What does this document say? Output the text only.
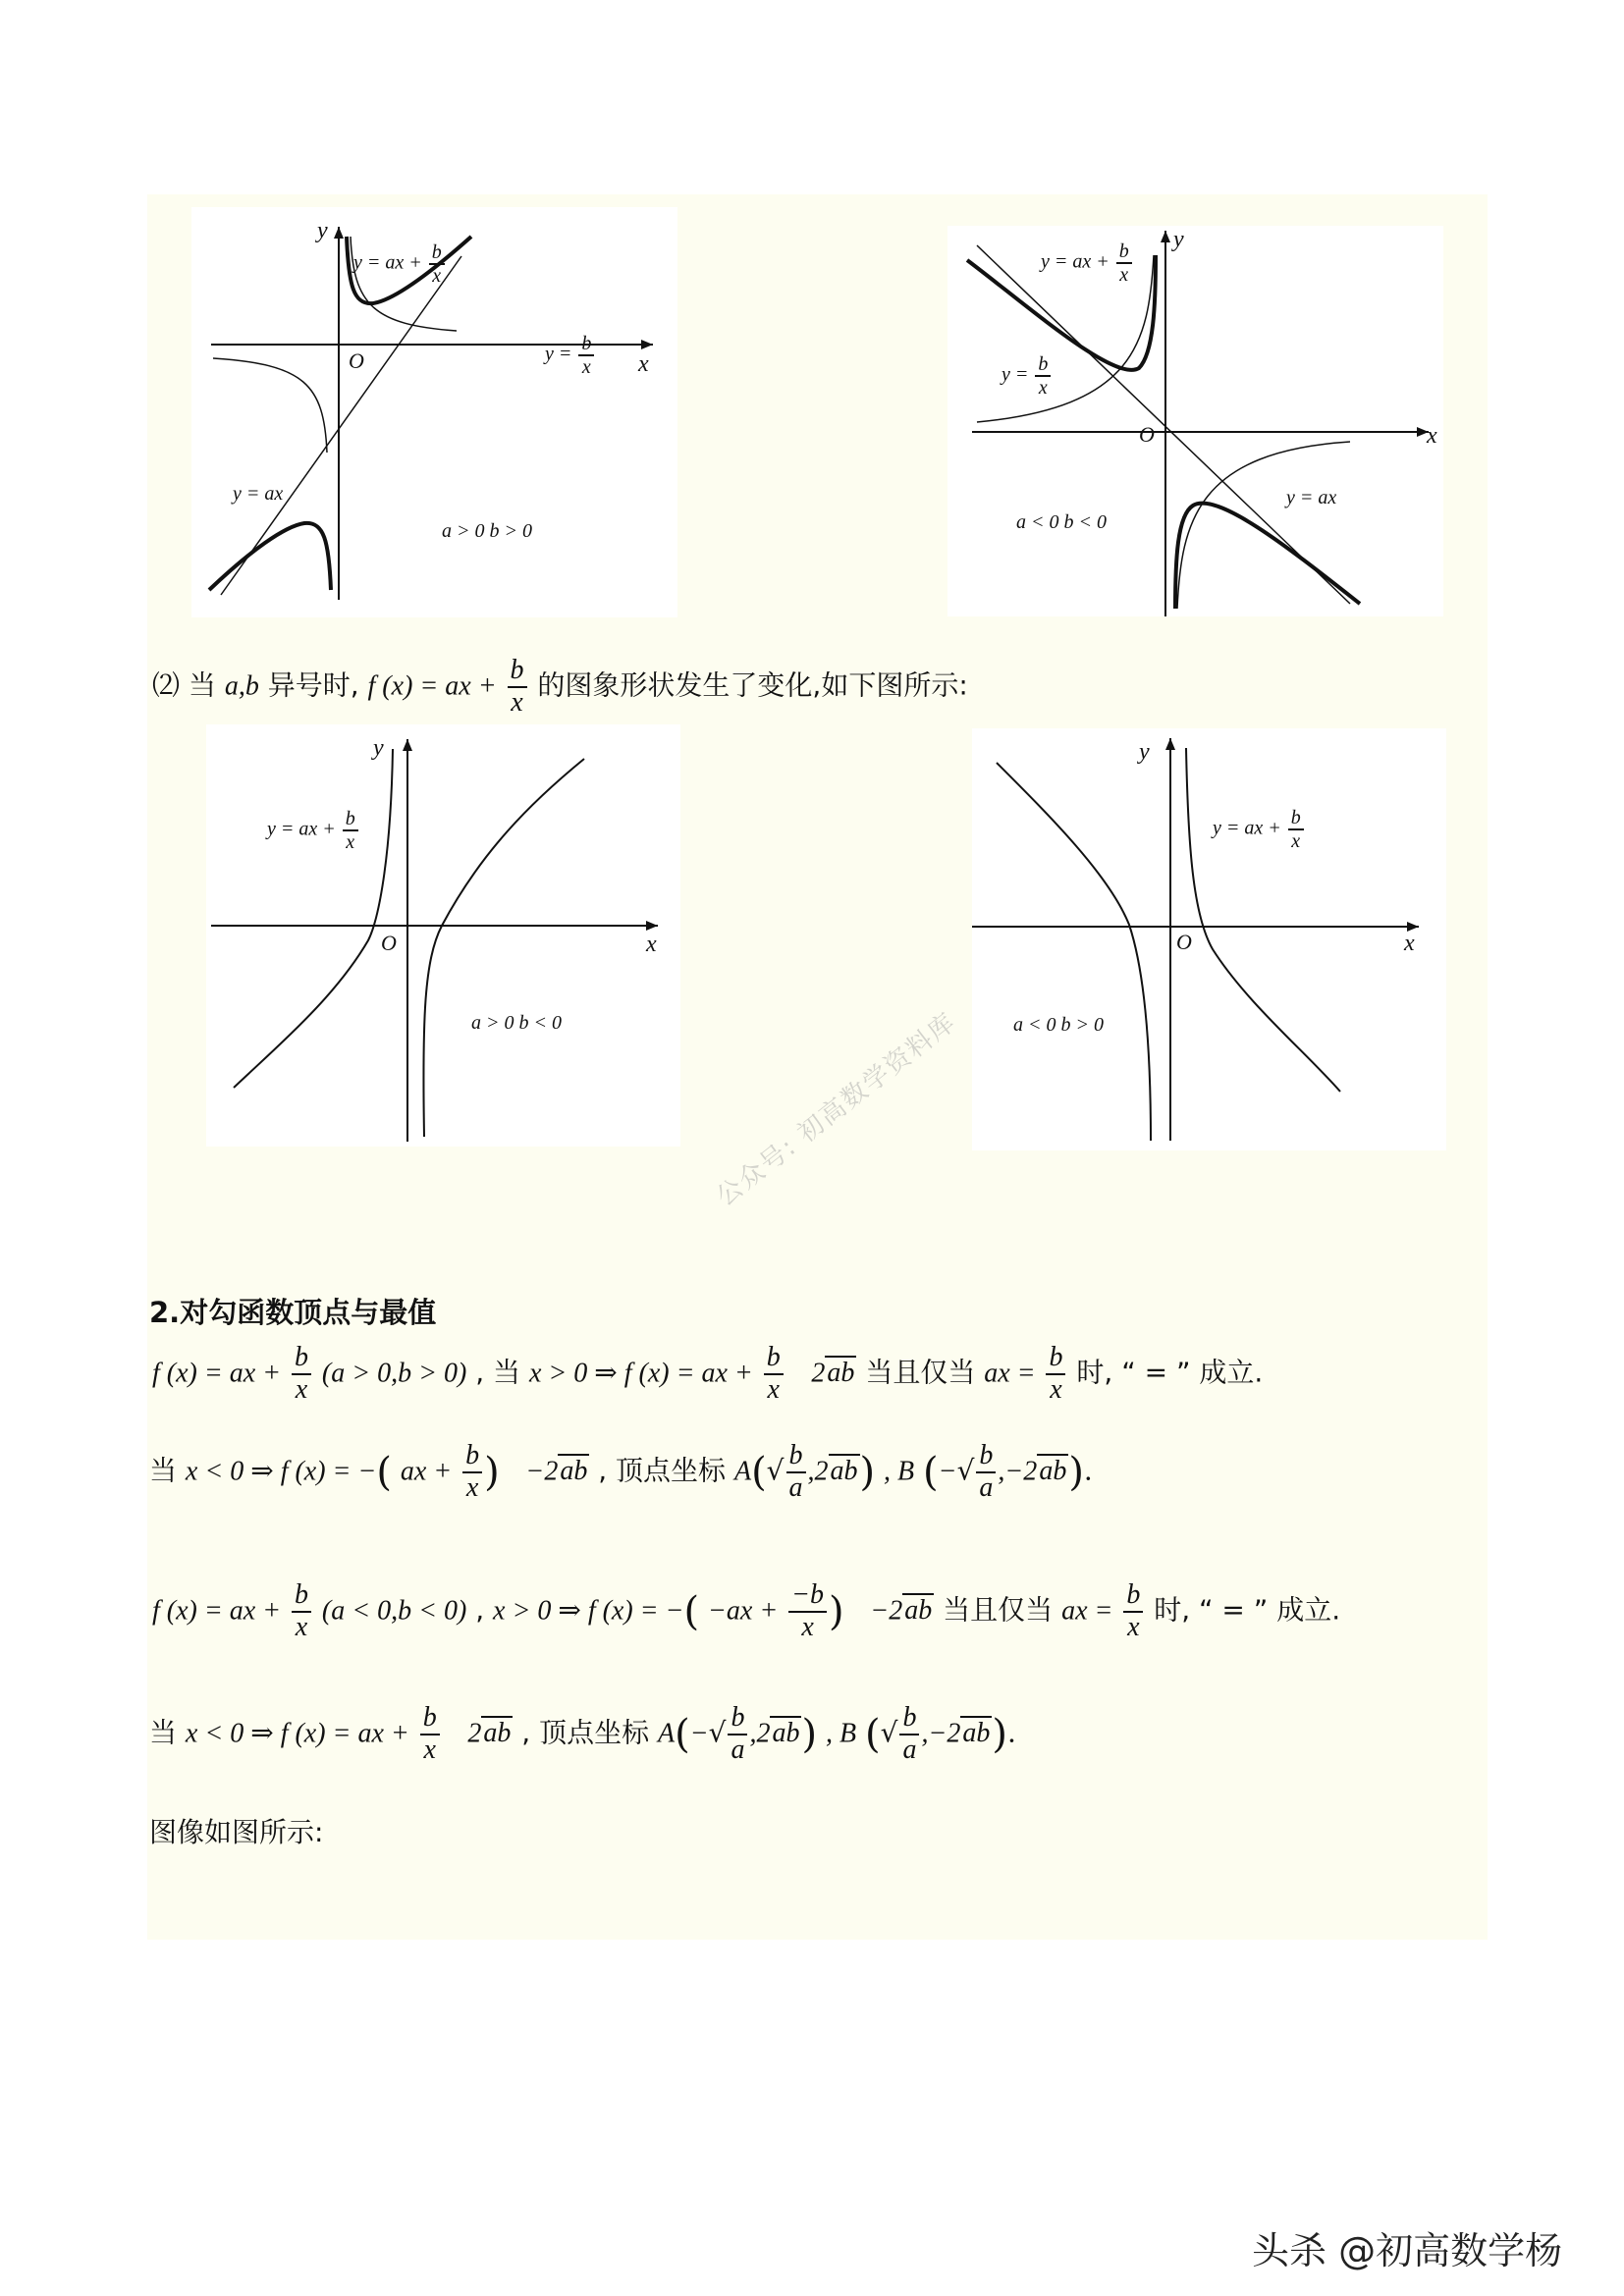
y
x
O
y = ax + $\frac{b}{x}$
$y = \frac{b}{x}$
y = ax
a > 0 b > 0
y
x
O
y = ax + $\frac{b}{x}$
$y = \frac{b}{x}$
y = ax
a < 0 b < 0
⑵ 当 a,b 异号时, f (x) = ax + $\frac{b}{x}$ 的图象形状发生了变化,如下图所示:
y
x
O
y = ax + $\frac{b}{x}$
a > 0 b < 0
y
x
O
y = ax + $\frac{b}{x}$
a < 0 b > 0
公众号: 初高数学资料库
2.对勾函数顶点与最值
f (x) = ax + $\frac{b}{x} (a > 0,b > 0)$ , 当 x > 0 ⇒ f (x) = ax + $\frac{b}{x} 2ab$ 当且仅当 ax = $\frac{b}{x}$ 时, “ = ” 成立.
当 x < 0 ⇒ f (x) = −( ax + $\frac{b}{x}$ ) −2ab , 顶点坐标 $A(√ \frac{b}{a} ,2ab)$ , B (−√ $\frac{b}{a} ,-2ab$).
f (x) = ax + $\frac{b}{x} (a < 0,b < 0)$ , x > 0 ⇒ f (x) = −( $-ax + \frac{-b}{x}$ ) −2ab 当且仅当 ax = $\frac{b}{x}$ 时, “ = ” 成立.
当 x < 0 ⇒ f (x) = ax + $\frac{b}{x} 2ab$ , 顶点坐标 $A(-√ \frac{b}{a} ,2ab)$ , B (√ $\frac{b}{a} ,-2ab$).
图像如图所示:
头杀 @初高数学杨
